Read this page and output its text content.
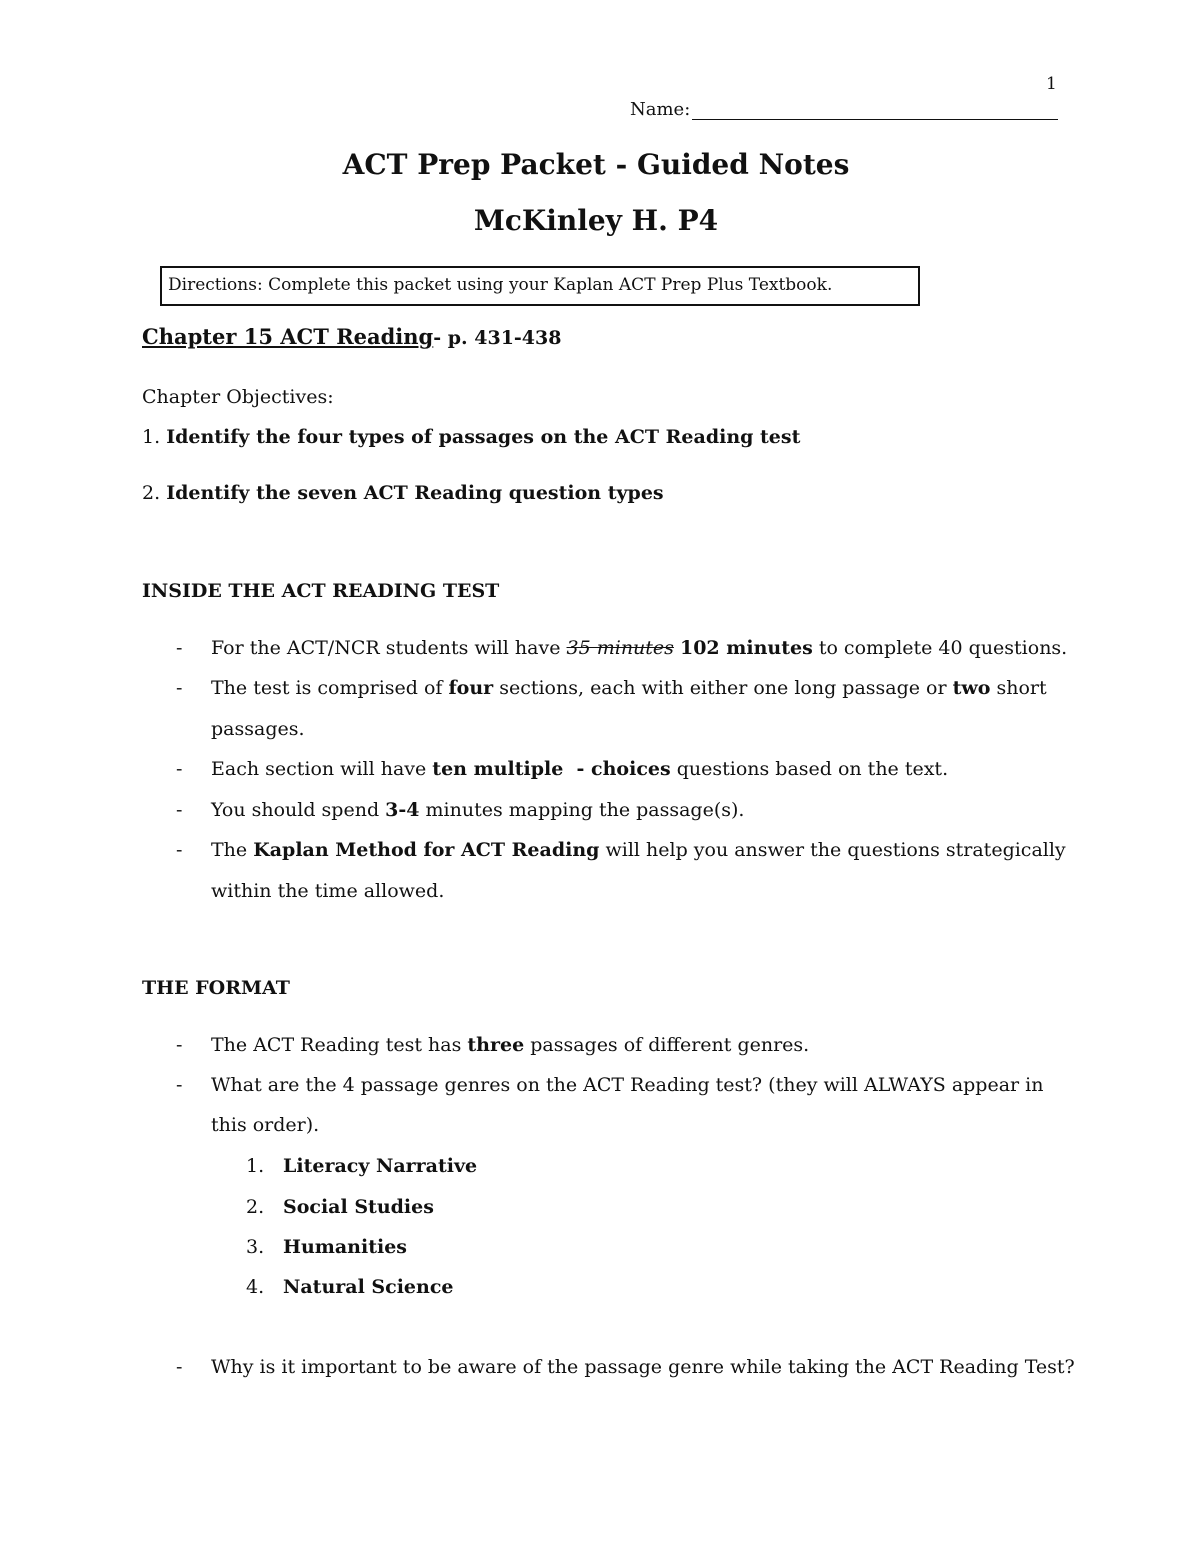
1
Name:
ACT Prep Packet - Guided Notes
McKinley H. P4
Directions: Complete this packet using your Kaplan ACT Prep Plus Textbook.
Chapter 15 ACT Reading- p. 431-438
Chapter Objectives:
1. Identify the four types of passages on the ACT Reading test
2. Identify the seven ACT Reading question types
INSIDE THE ACT READING TEST
- For the ACT/NCR students will have 35 minutes 102 minutes to complete 40 questions.
- The test is comprised of four sections, each with either one long passage or two short
passages.
- Each section will have ten multiple  - choices questions based on the text.
- You should spend 3-4 minutes mapping the passage(s).
- The Kaplan Method for ACT Reading will help you answer the questions strategically
within the time allowed.
THE FORMAT
- The ACT Reading test has three passages of different genres.
- What are the 4 passage genres on the ACT Reading test? (they will ALWAYS appear in
this order).
1. Literacy Narrative
2. Social Studies
3. Humanities
4. Natural Science
- Why is it important to be aware of the passage genre while taking the ACT Reading Test?
